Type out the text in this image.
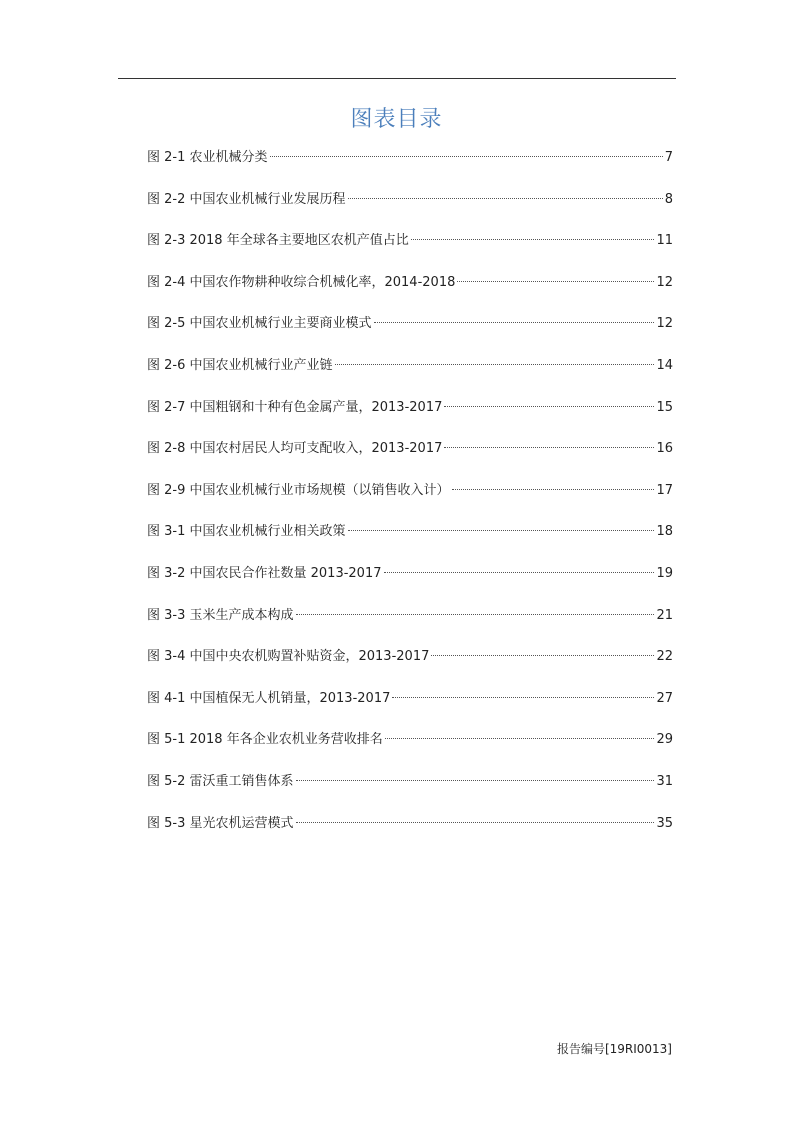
图表目录
图 2-1 农业机械分类	7
图 2-2 中国农业机械行业发展历程	8
图 2-3 2018 年全球各主要地区农机产值占比	11
图 2-4 中国农作物耕种收综合机械化率，2014-2018	12
图 2-5 中国农业机械行业主要商业模式	12
图 2-6 中国农业机械行业产业链	14
图 2-7 中国粗钢和十种有色金属产量，2013-2017	15
图 2-8 中国农村居民人均可支配收入，2013-2017	16
图 2-9 中国农业机械行业市场规模（以销售收入计）	17
图 3-1 中国农业机械行业相关政策	18
图 3-2 中国农民合作社数量 2013-2017	19
图 3-3 玉米生产成本构成	21
图 3-4 中国中央农机购置补贴资金，2013-2017	22
图 4-1 中国植保无人机销量，2013-2017	27
图 5-1 2018 年各企业农机业务营收排名	29
图 5-2 雷沃重工销售体系	31
图 5-3 星光农机运营模式	35
报告编号[19RI0013]
